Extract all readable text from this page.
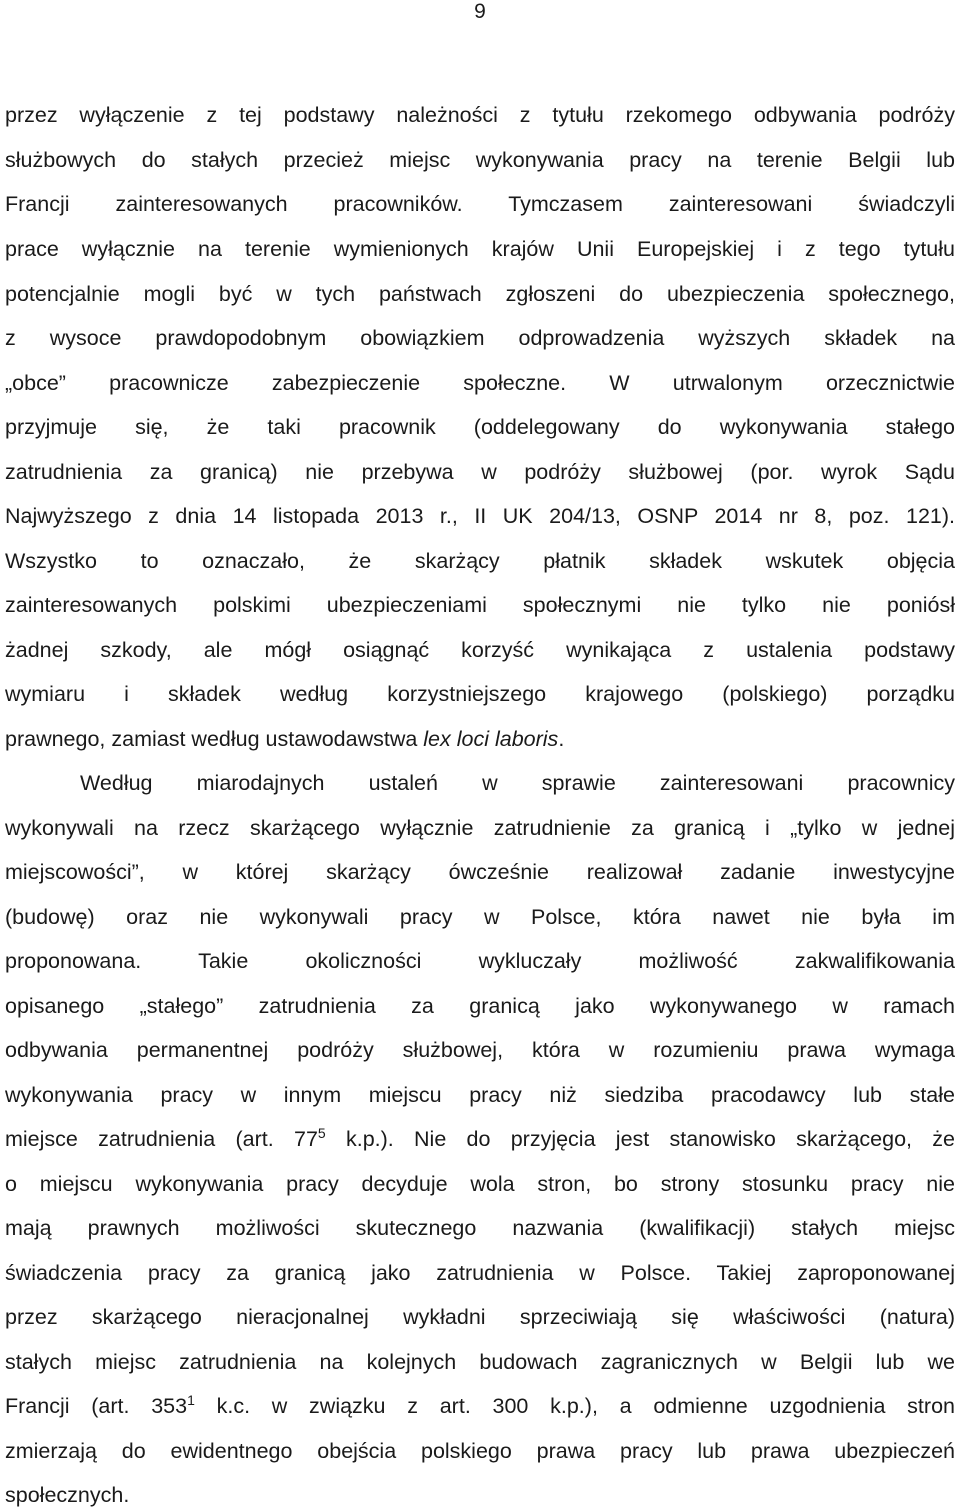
9
przez wyłączenie z tej podstawy należności z tytułu rzekomego odbywania podróży
służbowych do stałych przecież miejsc wykonywania pracy na terenie Belgii lub
Francji zainteresowanych pracowników. Tymczasem zainteresowani świadczyli
prace wyłącznie na terenie wymienionych krajów Unii Europejskiej i z tego tytułu
potencjalnie mogli być w tych państwach zgłoszeni do ubezpieczenia społecznego,
z wysoce prawdopodobnym obowiązkiem odprowadzenia wyższych składek na
„obce” pracownicze zabezpieczenie społeczne. W utrwalonym orzecznictwie
przyjmuje się, że taki pracownik (oddelegowany do wykonywania stałego
zatrudnienia za granicą) nie przebywa w podróży służbowej (por. wyrok Sądu
Najwyższego z dnia 14 listopada 2013 r., II UK 204/13, OSNP 2014 nr 8, poz. 121).
Wszystko to oznaczało, że skarżący płatnik składek wskutek objęcia
zainteresowanych polskimi ubezpieczeniami społecznymi nie tylko nie poniósł
żadnej szkody, ale mógł osiągnąć korzyść wynikająca z ustalenia podstawy
wymiaru i składek według korzystniejszego krajowego (polskiego) porządku
prawnego, zamiast według ustawodawstwa lex loci laboris.
Według miarodajnych ustaleń w sprawie zainteresowani pracownicy
wykonywali na rzecz skarżącego wyłącznie zatrudnienie za granicą i „tylko w jednej
miejscowości”, w której skarżący ówcześnie realizował zadanie inwestycyjne
(budowę) oraz nie wykonywali pracy w Polsce, która nawet nie była im
proponowana. Takie okoliczności wykluczały możliwość zakwalifikowania
opisanego „stałego” zatrudnienia za granicą jako wykonywanego w ramach
odbywania permanentnej podróży służbowej, która w rozumieniu prawa wymaga
wykonywania pracy w innym miejscu pracy niż siedziba pracodawcy lub stałe
miejsce zatrudnienia (art. $77^5$ k.p.). Nie do przyjęcia jest stanowisko skarżącego, że
o miejscu wykonywania pracy decyduje wola stron, bo strony stosunku pracy nie
mają prawnych możliwości skutecznego nazwania (kwalifikacji) stałych miejsc
świadczenia pracy za granicą jako zatrudnienia w Polsce. Takiej zaproponowanej
przez skarżącego nieracjonalnej wykładni sprzeciwiają się właściwości (natura)
stałych miejsc zatrudnienia na kolejnych budowach zagranicznych w Belgii lub we
Francji (art. $353^1$ k.c. w związku z art. 300 k.p.), a odmienne uzgodnienia stron
zmierzają do ewidentnego obejścia polskiego prawa pracy lub prawa ubezpieczeń
społecznych.
